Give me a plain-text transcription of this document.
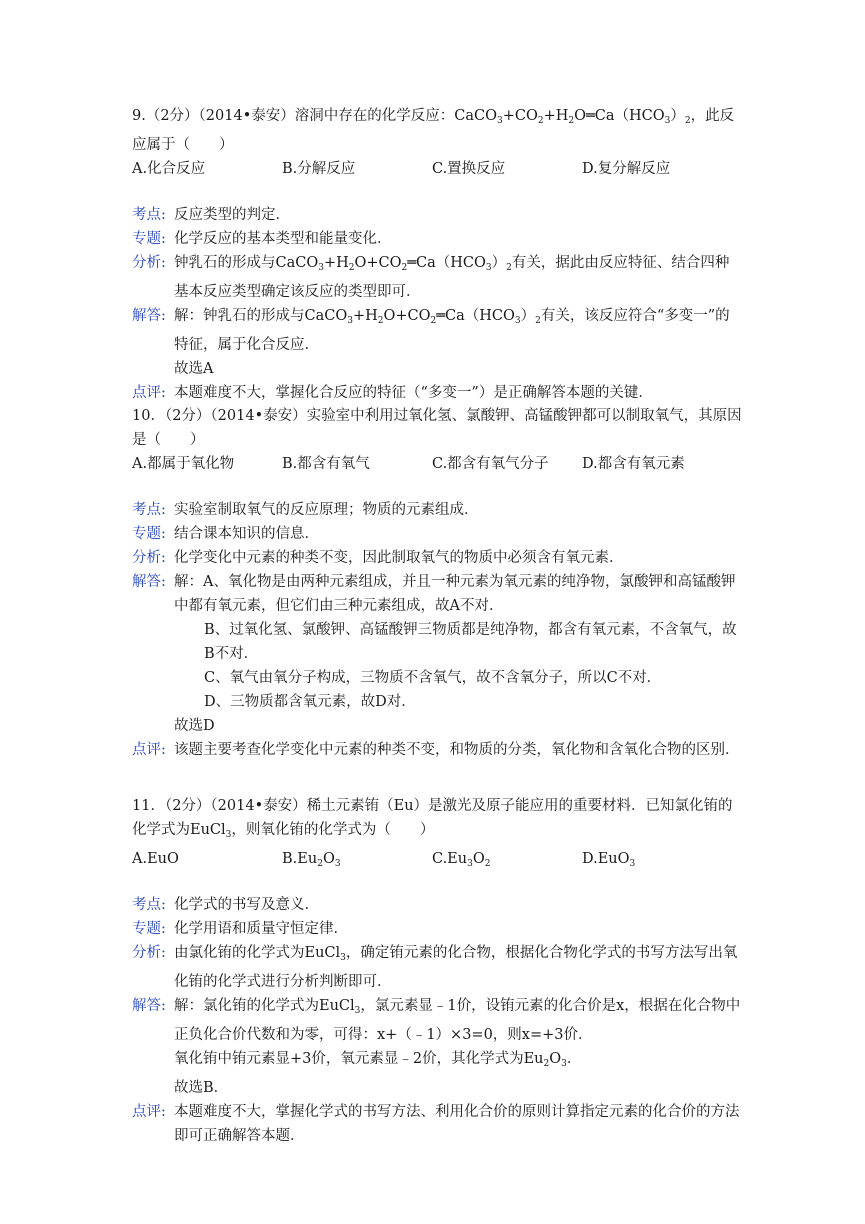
9.（2分）（2014•泰安）溶洞中存在的化学反应：$CaCO_3+CO_2+H_2O═Ca(HCO_3)_2$，此反应属于（　　）

A.化合反应	B.分解反应	C.置换反应	D.复分解反应
考点: 反应类型的判定．
专题: 化学反应的基本类型和能量变化．
分析: 钟乳石的形成与$CaCO_3+H_2O+CO_2═Ca(HCO_3)_2$有关，据此由反应特征、结合四种基本反应类型确定该反应的类型即可．
解答: 解：钟乳石的形成与$CaCO_3+H_2O+CO_2═Ca(HCO_3)_2$有关，该反应符合“多变一”的特征，属于化合反应．
故选A
点评: 本题难度不大，掌握化合反应的特征（“多变一”）是正确解答本题的关键．

10．（2分）（2014•泰安）实验室中利用过氧化氢、氯酸钾、高锰酸钾都可以制取氧气，其原因是（　　）

A.都属于氧化物	B.都含有氧气	C.都含有氧气分子 D.都含有氧元素
考点: 实验室制取氧气的反应原理；物质的元素组成．
专题: 结合课本知识的信息．
分析: 化学变化中元素的种类不变，因此制取氧气的物质中必须含有氧元素．
解答: 解：A、氧化物是由两种元素组成，并且一种元素为氧元素的纯净物，氯酸钾和高锰酸钾中都有氧元素，但它们由三种元素组成，故A不对．
B、过氧化氢、氯酸钾、高锰酸钾三物质都是纯净物，都含有氧元素，不含氧气，故B不对．
C、氧气由氧分子构成，三物质不含氧气，故不含氧分子，所以C不对．
D、三物质都含氧元素，故D对．
故选D
点评: 该题主要考查化学变化中元素的种类不变，和物质的分类，氧化物和含氧化合物的区别．

11．（2分）（2014•泰安）稀土元素铕（Eu）是激光及原子能应用的重要材料．已知氯化铕的化学式为EuCl$_3$，则氧化铕的化学式为（　　）

A.EuO	$B.Eu_2O_3$	$C.Eu_3O_2$	D.EuO$_3$
考点: 化学式的书写及意义．
专题: 化学用语和质量守恒定律．
分析: 由氯化铕的化学式为EuCl$_3$，确定铕元素的化合物，根据化合物化学式的书写方法写出氧化铕的化学式进行分析判断即可．
解答: 解：氯化铕的化学式为EuCl$_3$，氯元素显﹣1价，设铕元素的化合价是x，根据在化合物中正负化合价代数和为零，可得：x+（﹣1）×3=0，则x=+3价．
氧化铕中铕元素显+3价，氧元素显﹣2价，其化学式为$Eu_2O_3$．
故选B．
点评: 本题难度不大，掌握化学式的书写方法、利用化合价的原则计算指定元素的化合价的方法即可正确解答本题．
